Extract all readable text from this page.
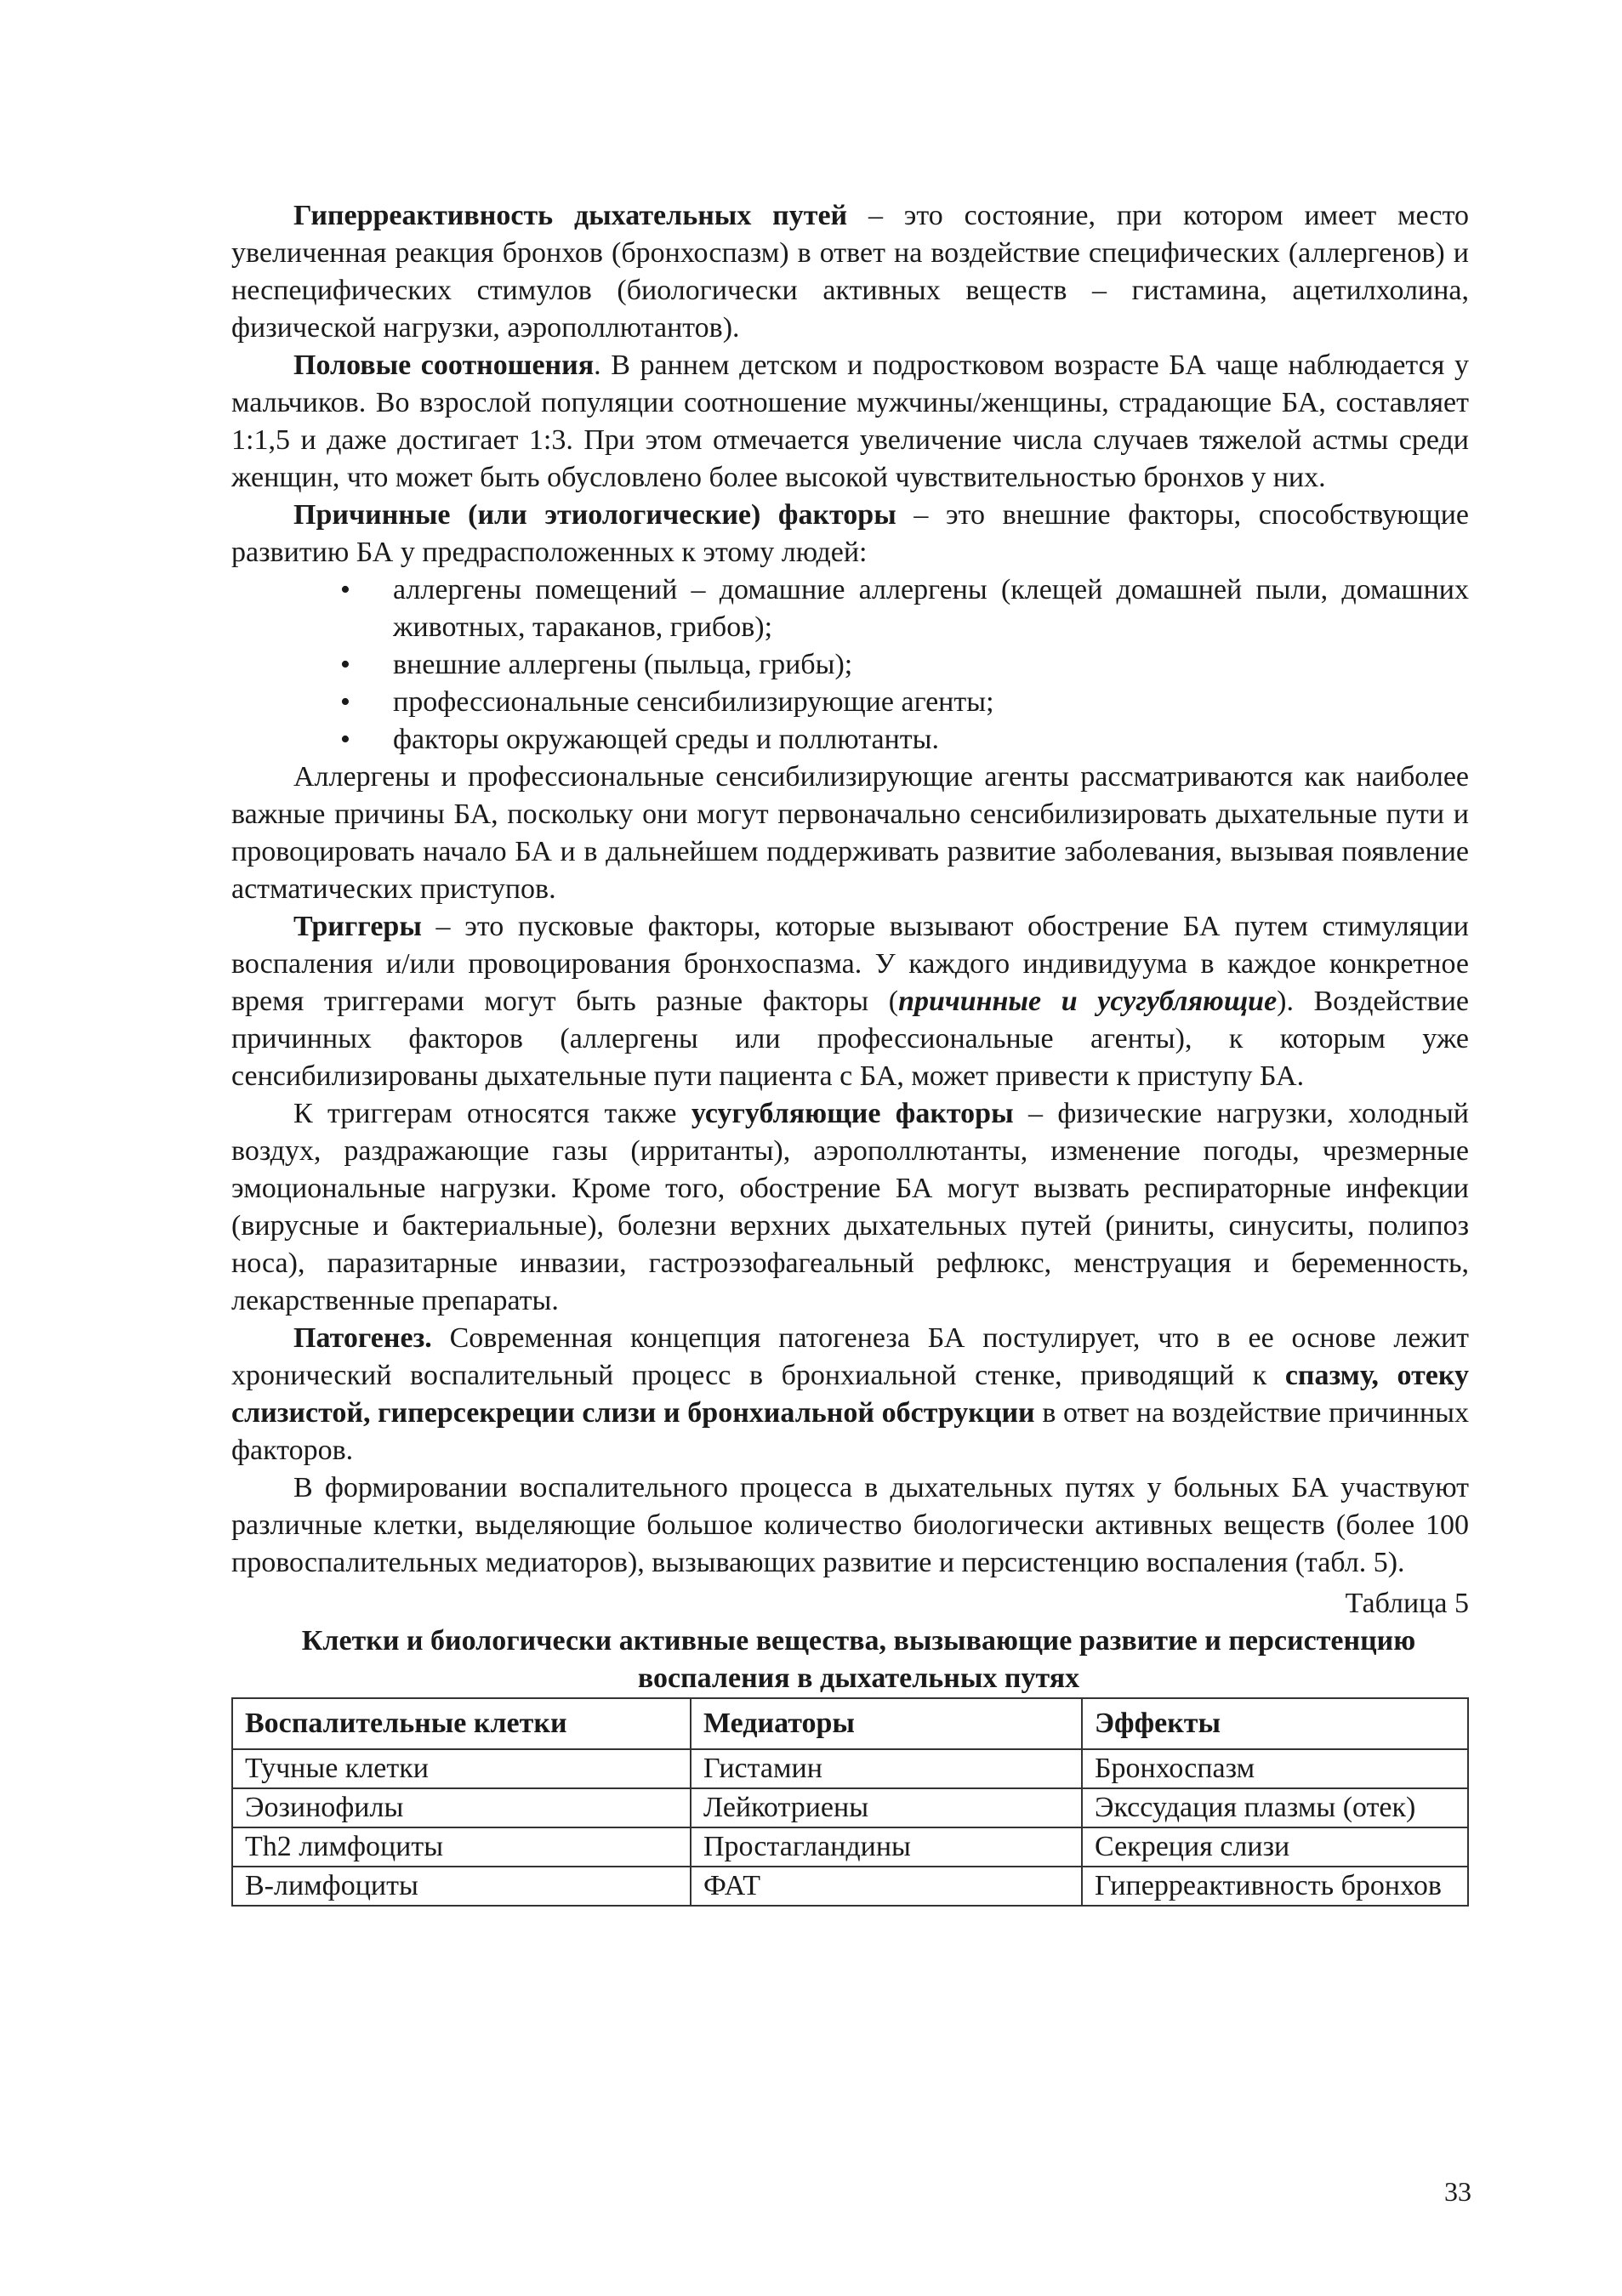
Гиперреактивность дыхательных путей – это состояние, при котором имеет место увеличенная реакция бронхов (бронхоспазм) в ответ на воздействие специфических (аллергенов) и неспецифических стимулов (биологически активных веществ – гистамина, ацетилхолина, физической нагрузки, аэрополлютантов).

Половые соотношения. В раннем детском и подростковом возрасте БА чаще наблюдается у мальчиков. Во взрослой популяции соотношение мужчины/женщины, страдающие БА, составляет 1:1,5 и даже достигает 1:3. При этом отмечается увеличение числа случаев тяжелой астмы среди женщин, что может быть обусловлено более высокой чувствительностью бронхов у них.

Причинные (или этиологические) факторы – это внешние факторы, способствующие развитию БА у предрасположенных к этому людей:

• аллергены помещений – домашние аллергены (клещей домашней пыли, домашних животных, тараканов, грибов);
• внешние аллергены (пыльца, грибы);
• профессиональные сенсибилизирующие агенты;
• факторы окружающей среды и поллютанты.

Аллергены и профессиональные сенсибилизирующие агенты рассматриваются как наиболее важные причины БА, поскольку они могут первоначально сенсибилизировать дыхательные пути и провоцировать начало БА и в дальнейшем поддерживать развитие заболевания, вызывая появление астматических приступов.

Триггеры – это пусковые факторы, которые вызывают обострение БА путем стимуляции воспаления и/или провоцирования бронхоспазма. У каждого индивидуума в каждое конкретное время триггерами могут быть разные факторы (причинные и усугубляющие). Воздействие причинных факторов (аллергены или профессиональные агенты), к которым уже сенсибилизированы дыхательные пути пациента с БА, может привести к приступу БА.

К триггерам относятся также усугубляющие факторы – физические нагрузки, холодный воздух, раздражающие газы (ирританты), аэрополлютанты, изменение погоды, чрезмерные эмоциональные нагрузки. Кроме того, обострение БА могут вызвать респираторные инфекции (вирусные и бактериальные), болезни верхних дыхательных путей (риниты, синуситы, полипоз носа), паразитарные инвазии, гастроэзофагеальный рефлюкс, менструация и беременность, лекарственные препараты.

Патогенез. Современная концепция патогенеза БА постулирует, что в ее основе лежит хронический воспалительный процесс в бронхиальной стенке, приводящий к спазму, отеку слизистой, гиперсекреции слизи и бронхиальной обструкции в ответ на воздействие причинных факторов.

В формировании воспалительного процесса в дыхательных путях у больных БА участвуют различные клетки, выделяющие большое количество биологически активных веществ (более 100 провоспалительных медиаторов), вызывающих развитие и персистенцию воспаления (табл. 5).

Таблица 5
Клетки и биологически активные вещества, вызывающие развитие и персистенцию воспаления в дыхательных путях
Воспалительные клетки	Медиаторы	Эффекты
Тучные клетки	Гистамин	Бронхоспазм
Эозинофилы	Лейкотриены	Экссудация плазмы (отек)
Th2 лимфоциты	Простагландины	Секреция слизи
В-лимфоциты	ФАТ	Гиперреактивность бронхов
33
